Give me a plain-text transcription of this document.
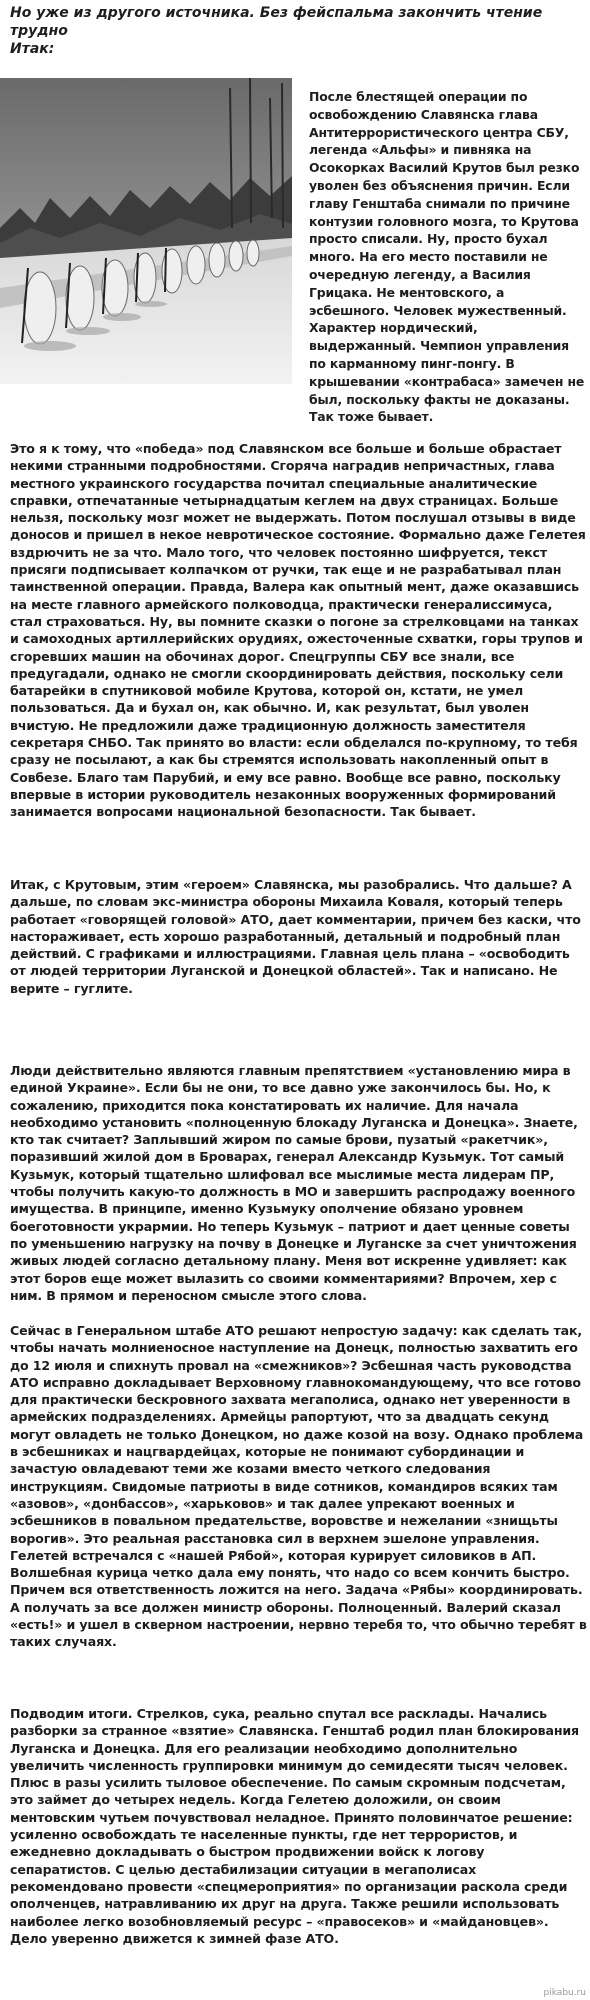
Но уже из другого источника. Без фейспальма закончить чтение трудно
Итак:

После блестящей операции по освобождению Славянска глава Антитеррористического центра СБУ, легенда «Альфы» и пивняка на Осокорках Василий Крутов был резко уволен без объяснения причин. Если главу Генштаба снимали по причине контузии головного мозга, то Крутова просто списали. Ну, просто бухал много. На его место поставили не очередную легенду, а Василия Грицака. Не ментовского, а эсбешного. Человек мужественный. Характер нордический, выдержанный. Чемпион управления по карманному пинг-понгу. В крышевании «контрабаса» замечен не был, поскольку факты не доказаны. Так тоже бывает.

Это я к тому, что «победа» под Славянском все больше и больше обрастает некими странными подробностями. Сгоряча наградив непричастных, глава местного украинского государства почитал специальные аналитические справки, отпечатанные четырнадцатым кеглем на двух страницах. Больше нельзя, поскольку мозг может не выдержать. Потом послушал отзывы в виде доносов и пришел в некое невротическое состояние. Формально даже Гелетея вздрючить не за что. Мало того, что человек постоянно шифруется, текст присяги подписывает колпачком от ручки, так еще и не разрабатывал план таинственной операции. Правда, Валера как опытный мент, даже оказавшись на месте главного армейского полководца, практически генералиссимуса, стал страховаться. Ну, вы помните сказки о погоне за стрелковцами на танках и самоходных артиллерийских орудиях, ожесточенные схватки, горы трупов и сгоревших машин на обочинах дорог. Спецгруппы СБУ все знали, все предугадали, однако не смогли скоординировать действия, поскольку сели батарейки в спутниковой мобиле Крутова, которой он, кстати, не умел пользоваться. Да и бухал он, как обычно. И, как результат, был уволен вчистую. Не предложили даже традиционную должность заместителя секретаря СНБО. Так принято во власти: если обделался по-крупному, то тебя сразу не посылают, а как бы стремятся использовать накопленный опыт в Совбезе. Благо там Парубий, и ему все равно. Вообще все равно, поскольку впервые в истории руководитель незаконных вооруженных формирований занимается вопросами национальной безопасности. Так бывает.

Итак, с Крутовым, этим «героем» Славянска, мы разобрались. Что дальше? А дальше, по словам экс-министра обороны Михаила Коваля, который теперь работает «говорящей головой» АТО, дает комментарии, причем без каски, что настораживает, есть хорошо разработанный, детальный и подробный план действий. С графиками и иллюстрациями. Главная цель плана – «освободить от людей территории Луганской и Донецкой областей». Так и написано. Не верите – гуглите.

Люди действительно являются главным препятствием «установлению мира в единой Украине». Если бы не они, то все давно уже закончилось бы. Но, к сожалению, приходится пока констатировать их наличие. Для начала необходимо установить «полноценную блокаду Луганска и Донецка». Знаете, кто так считает? Заплывший жиром по самые брови, пузатый «ракетчик», поразивший жилой дом в Броварах, генерал Александр Кузьмук. Тот самый Кузьмук, который тщательно шлифовал все мыслимые места лидерам ПР, чтобы получить какую-то должность в МО и завершить распродажу военного имущества. В принципе, именно Кузьмуку ополчение обязано уровнем боеготовности укрармии. Но теперь Кузьмук – патриот и дает ценные советы по уменьшению нагрузку на почву в Донецке и Луганске за счет уничтожения живых людей согласно детальному плану. Меня вот искренне удивляет: как этот боров еще может вылазить со своими комментариями? Впрочем, хер с ним. В прямом и переносном смысле этого слова.

Сейчас в Генеральном штабе АТО решают непростую задачу: как сделать так, чтобы начать молниеносное наступление на Донецк, полностью захватить его до 12 июля и спихнуть провал на «смежников»? Эсбешная часть руководства АТО исправно докладывает Верховному главнокомандующему, что все готово для практически бескровного захвата мегаполиса, однако нет уверенности в армейских подразделениях. Армейцы рапортуют, что за двадцать секунд могут овладеть не только Донецком, но даже козой на возу. Однако проблема в эсбешниках и нацгвардейцах, которые не понимают субординации и зачастую овладевают теми же козами вместо четкого следования инструкциям. Свидомые патриоты в виде сотников, командиров всяких там «азовов», «донбассов», «харьковов» и так далее упрекают военных и эсбешников в повальном предательстве, воровстве и нежелании «знищьты ворогив». Это реальная расстановка сил в верхнем эшелоне управления. Гелетей встречался с «нашей Рябой», которая курирует силовиков в АП. Волшебная курица четко дала ему понять, что надо со всем кончить быстро. Причем вся ответственность ложится на него. Задача «Рябы» координировать. А получать за все должен министр обороны. Полноценный. Валерий сказал «есть!» и ушел в скверном настроении, нервно теребя то, что обычно теребят в таких случаях.

Подводим итоги. Стрелков, сука, реально спутал все расклады. Начались разборки за странное «взятие» Славянска. Генштаб родил план блокирования Луганска и Донецка. Для его реализации необходимо дополнительно увеличить численность группировки минимум до семидесяти тысяч человек. Плюс в разы усилить тыловое обеспечение. По самым скромным подсчетам, это займет до четырех недель. Когда Гелетею доложили, он своим ментовским чутьем почувствовал неладное. Принято половинчатое решение: усиленно освобождать те населенные пункты, где нет террористов, и ежедневно докладывать о быстром продвижении войск к логову сепаратистов. С целью дестабилизации ситуации в мегаполисах рекомендовано провести «спецмероприятия» по организации раскола среди ополченцев, натравливанию их друг на друга. Также решили использовать наиболее легко возобновляемый ресурс – «правосеков» и «майдановцев». Дело уверенно движется к зимней фазе АТО.

pikabu.ru
